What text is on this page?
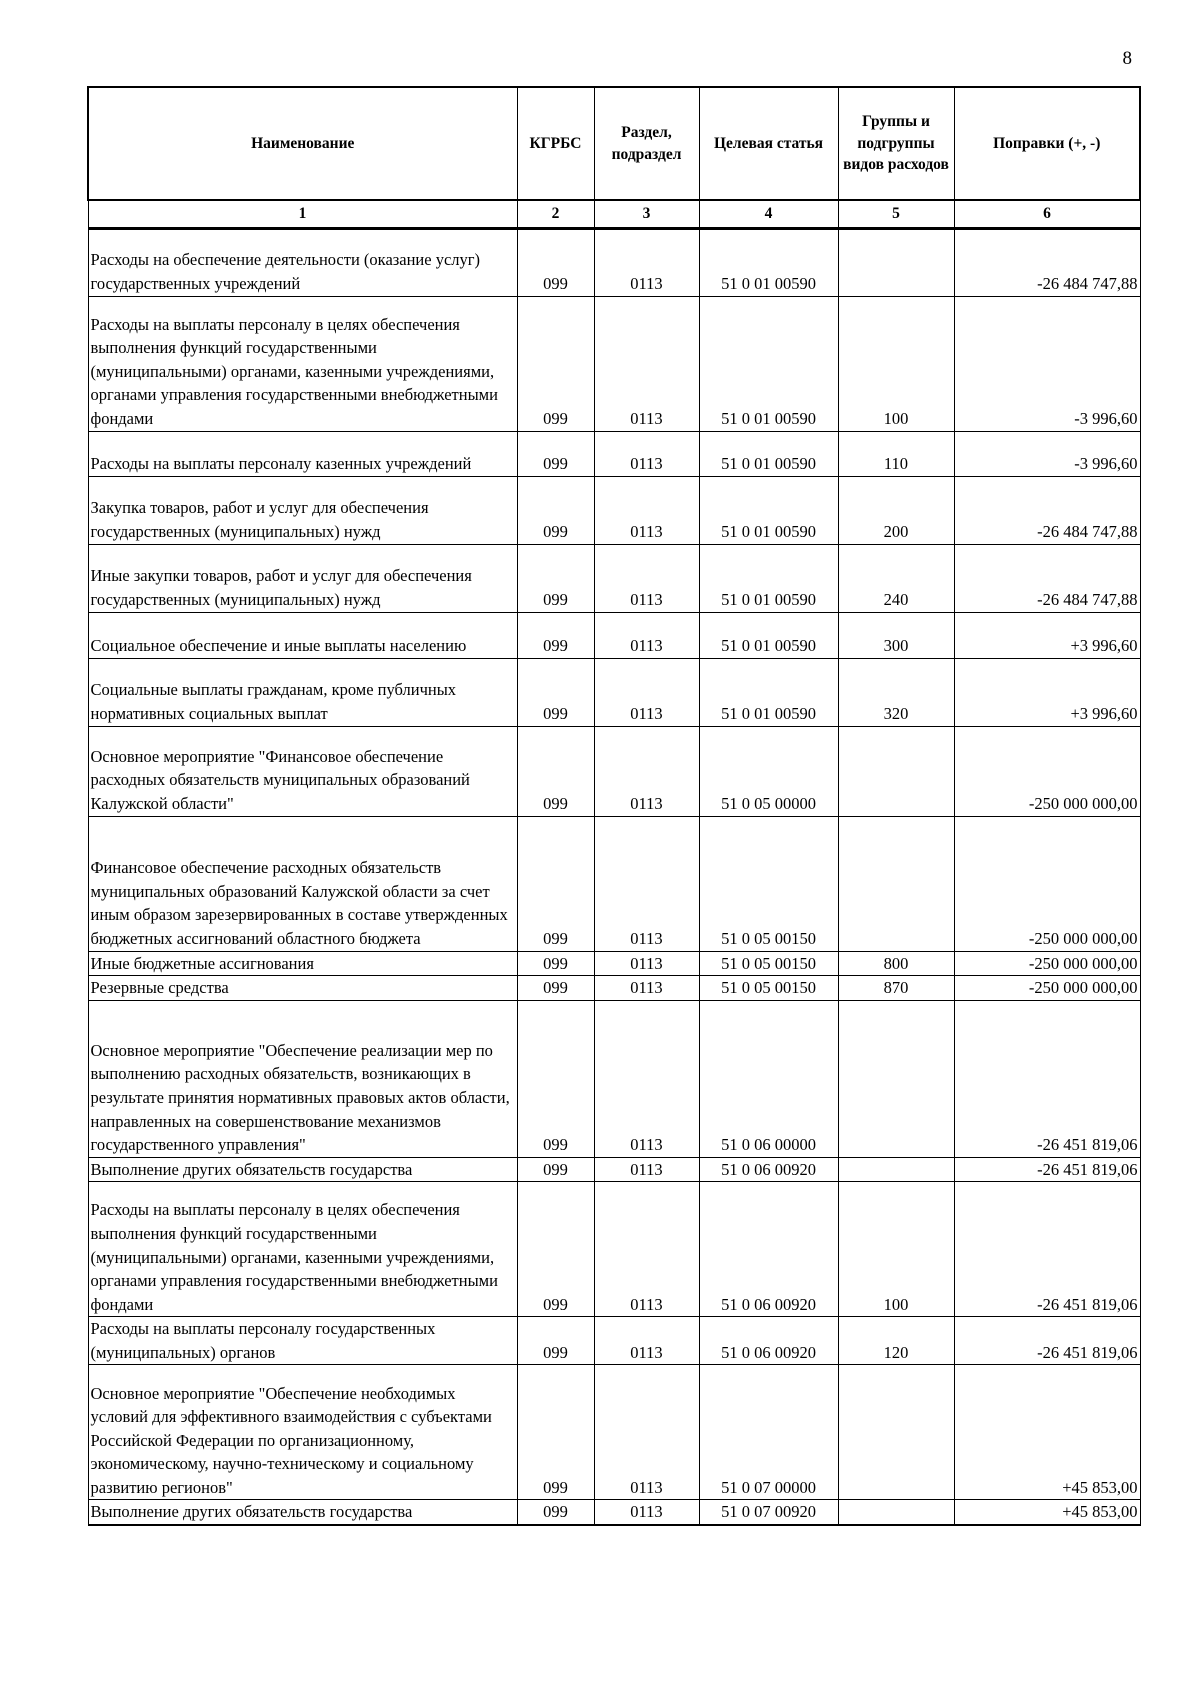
8
Наименование	КГРБС	Раздел, подраздел	Целевая статья	Группы и подгруппы видов расходов	Поправки (+, -)
1	2	3	4	5	6
Расходы на обеспечение деятельности (оказание услуг) государственных учреждений	099	0113	51 0 01 00590		-26 484 747,88
Расходы на выплаты персоналу в целях обеспечения выполнения функций государственными (муниципальными) органами, казенными учреждениями, органами управления государственными внебюджетными фондами	099	0113	51 0 01 00590	100	-3 996,60
Расходы на выплаты персоналу казенных учреждений	099	0113	51 0 01 00590	110	-3 996,60
Закупка товаров, работ и услуг для обеспечения государственных (муниципальных) нужд	099	0113	51 0 01 00590	200	-26 484 747,88
Иные закупки товаров, работ и услуг для обеспечения государственных (муниципальных) нужд	099	0113	51 0 01 00590	240	-26 484 747,88
Социальное обеспечение и иные выплаты населению	099	0113	51 0 01 00590	300	+3 996,60
Социальные выплаты гражданам, кроме публичных нормативных социальных выплат	099	0113	51 0 01 00590	320	+3 996,60
Основное мероприятие "Финансовое обеспечение расходных обязательств муниципальных образований Калужской области"	099	0113	51 0 05 00000		-250 000 000,00
Финансовое обеспечение расходных обязательств муниципальных образований Калужской области за счет иным образом зарезервированных в составе утвержденных бюджетных ассигнований областного бюджета	099	0113	51 0 05 00150		-250 000 000,00
Иные бюджетные ассигнования	099	0113	51 0 05 00150	800	-250 000 000,00
Резервные средства	099	0113	51 0 05 00150	870	-250 000 000,00
Основное мероприятие "Обеспечение реализации мер по выполнению расходных обязательств, возникающих в результате принятия нормативных правовых актов области, направленных на совершенствование механизмов государственного управления"	099	0113	51 0 06 00000		-26 451 819,06
Выполнение других обязательств государства	099	0113	51 0 06 00920		-26 451 819,06
Расходы на выплаты персоналу в целях обеспечения выполнения функций государственными (муниципальными) органами, казенными учреждениями, органами управления государственными внебюджетными фондами	099	0113	51 0 06 00920	100	-26 451 819,06
Расходы на выплаты персоналу государственных (муниципальных) органов	099	0113	51 0 06 00920	120	-26 451 819,06
Основное мероприятие "Обеспечение необходимых условий для эффективного взаимодействия с субъектами Российской Федерации по организационному, экономическому, научно-техническому и социальному развитию регионов"	099	0113	51 0 07 00000		+45 853,00
Выполнение других обязательств государства	099	0113	51 0 07 00920		+45 853,00
